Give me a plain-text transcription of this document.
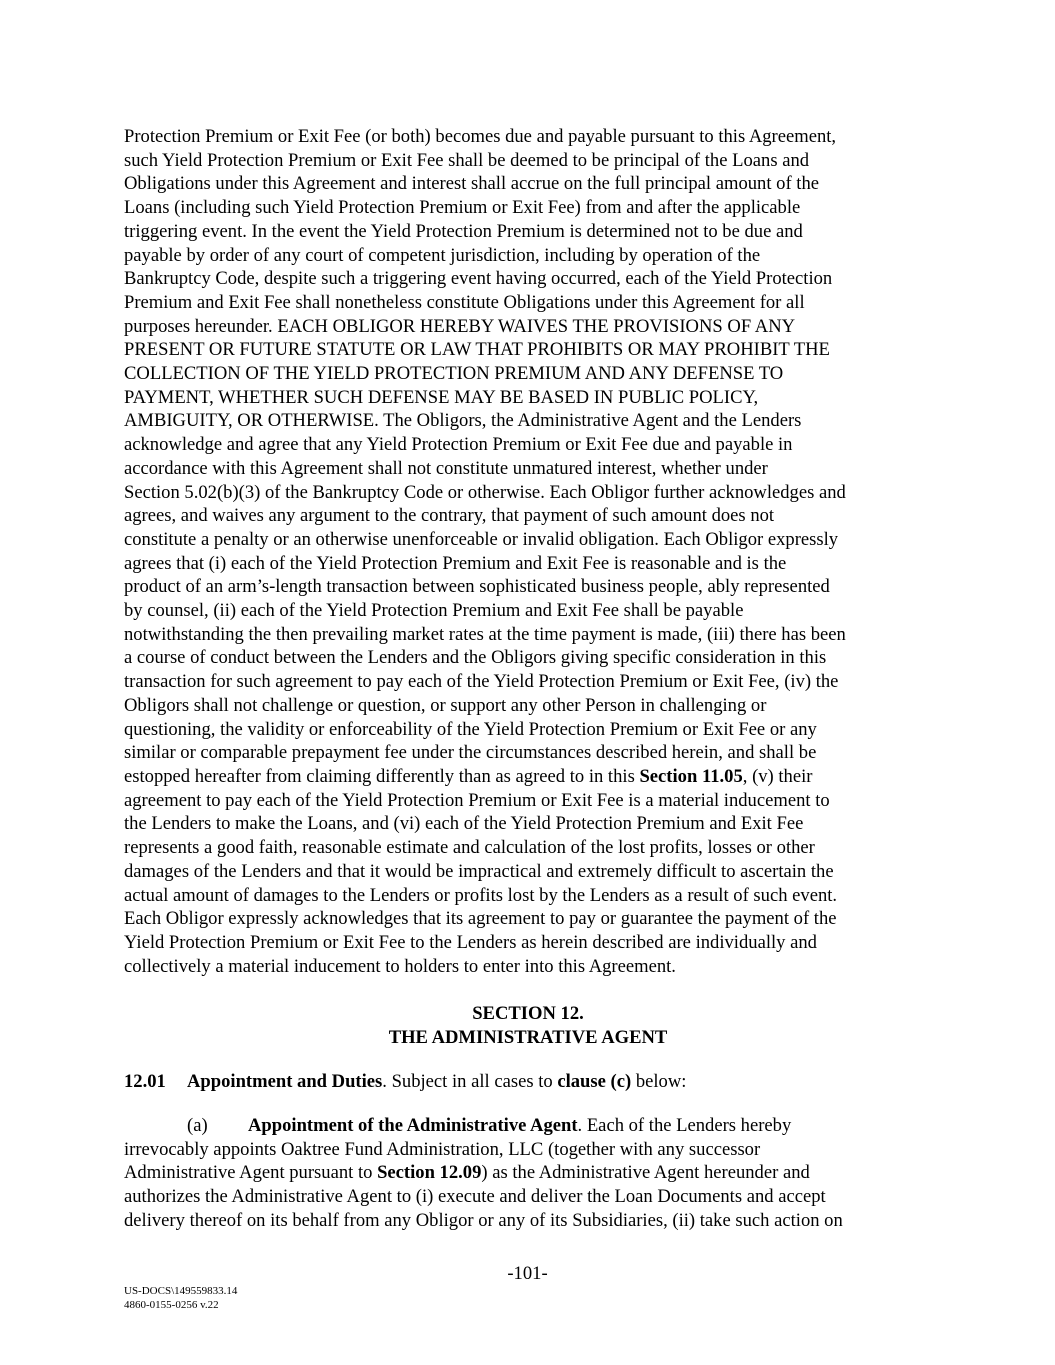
Protection Premium or Exit Fee (or both) becomes due and payable pursuant to this Agreement,
such Yield Protection Premium or Exit Fee shall be deemed to be principal of the Loans and
Obligations under this Agreement and interest shall accrue on the full principal amount of the
Loans (including such Yield Protection Premium or Exit Fee) from and after the applicable
triggering event. In the event the Yield Protection Premium is determined not to be due and
payable by order of any court of competent jurisdiction, including by operation of the
Bankruptcy Code, despite such a triggering event having occurred, each of the Yield Protection
Premium and Exit Fee shall nonetheless constitute Obligations under this Agreement for all
purposes hereunder. EACH OBLIGOR HEREBY WAIVES THE PROVISIONS OF ANY
PRESENT OR FUTURE STATUTE OR LAW THAT PROHIBITS OR MAY PROHIBIT THE
COLLECTION OF THE YIELD PROTECTION PREMIUM AND ANY DEFENSE TO
PAYMENT, WHETHER SUCH DEFENSE MAY BE BASED IN PUBLIC POLICY,
AMBIGUITY, OR OTHERWISE. The Obligors, the Administrative Agent and the Lenders
acknowledge and agree that any Yield Protection Premium or Exit Fee due and payable in
accordance with this Agreement shall not constitute unmatured interest, whether under
Section 5.02(b)(3) of the Bankruptcy Code or otherwise. Each Obligor further acknowledges and
agrees, and waives any argument to the contrary, that payment of such amount does not
constitute a penalty or an otherwise unenforceable or invalid obligation. Each Obligor expressly
agrees that (i) each of the Yield Protection Premium and Exit Fee is reasonable and is the
product of an arm’s-length transaction between sophisticated business people, ably represented
by counsel, (ii) each of the Yield Protection Premium and Exit Fee shall be payable
notwithstanding the then prevailing market rates at the time payment is made, (iii) there has been
a course of conduct between the Lenders and the Obligors giving specific consideration in this
transaction for such agreement to pay each of the Yield Protection Premium or Exit Fee, (iv) the
Obligors shall not challenge or question, or support any other Person in challenging or
questioning, the validity or enforceability of the Yield Protection Premium or Exit Fee or any
similar or comparable prepayment fee under the circumstances described herein, and shall be
estopped hereafter from claiming differently than as agreed to in this Section 11.05, (v) their
agreement to pay each of the Yield Protection Premium or Exit Fee is a material inducement to
the Lenders to make the Loans, and (vi) each of the Yield Protection Premium and Exit Fee
represents a good faith, reasonable estimate and calculation of the lost profits, losses or other
damages of the Lenders and that it would be impractical and extremely difficult to ascertain the
actual amount of damages to the Lenders or profits lost by the Lenders as a result of such event.
Each Obligor expressly acknowledges that its agreement to pay or guarantee the payment of the
Yield Protection Premium or Exit Fee to the Lenders as herein described are individually and
collectively a material inducement to holders to enter into this Agreement.
SECTION 12.
THE ADMINISTRATIVE AGENT
12.01 Appointment and Duties. Subject in all cases to clause (c) below:
(a) Appointment of the Administrative Agent. Each of the Lenders hereby
irrevocably appoints Oaktree Fund Administration, LLC (together with any successor
Administrative Agent pursuant to Section 12.09) as the Administrative Agent hereunder and
authorizes the Administrative Agent to (i) execute and deliver the Loan Documents and accept
delivery thereof on its behalf from any Obligor or any of its Subsidiaries, (ii) take such action on
-101-
US-DOCS\149559833.14
4860-0155-0256 v.22
